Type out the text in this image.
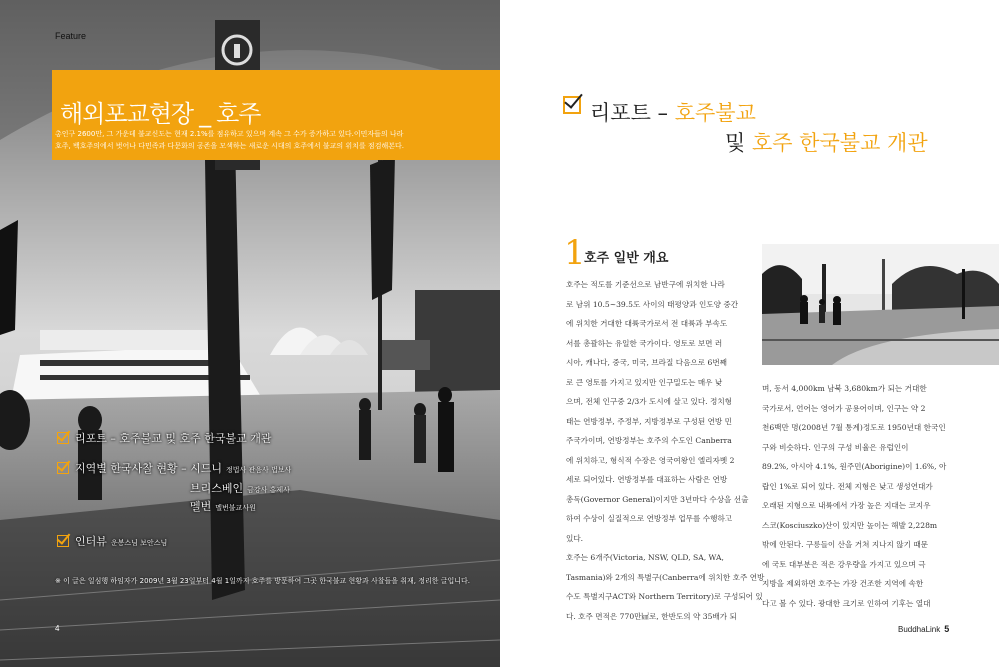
Feature
해외포교현장 _ 호주
총인구 2600만, 그 가운데 불교신도는 현재 2.1%를 점유하고 있으며 계속 그 수가 증가하고 있다.이민자들의 나라
호주, 백호주의에서 벗어나 다민족과 다문화의 공존을 모색하는 새로운 시대의 호주에서 불교의 위치를 점검해본다.
리포트 – 호주불교 및 호주 한국불교 개관
지역별 한국사찰 현황 – 시드니 정법사 관음사 법보사
브리스베인 금강사 홍제사
멜번 멜번불교사원
인터뷰 운봉스님 보안스님
※ 이 글은 일심행 하임자가 2009년 3월 23일부터 4월 1일까지 호주를 방문하여 그곳 한국불교 현황과 사찰들을 취재, 정리한 글입니다.
4
리포트 – 호주불교
및 호주 한국불교 개관
1
호주 일반 개요
호주는 적도를 기준선으로 남반구에 위치한 나라
로 남위 10.5~39.5도 사이의 태평양과 인도양 중간
에 위치한 거대한 대륙국가로서 전 대륙과 부속도
서를 총괄하는 유일한 국가이다. 영토로 보면 러
시아, 캐나다, 중국, 미국, 브라질 다음으로 6번째
로 큰 영토를 가지고 있지만 인구밀도는 매우 낮
으며, 전체 인구중 2/3가 도시에 살고 있다. 정치형
태는 연방정부, 주정부, 지방정부로 구성된 연방 민
주국가이며, 연방정부는 호주의 수도인 Canberra
에 위치하고, 형식적 수장은 영국여왕인 엘리자벳 2
세로 되어있다. 연방정부를 대표하는 사람은 연방
총독(Governor General)이지만 3년마다 수상을 선출
하여 수상이 실질적으로 연방정부 업무를 수행하고
있다.
호주는 6개주(Victoria, NSW, QLD, SA, WA,
Tasmania)와 2개의 특별구(Canberra에 위치한 호주 연방
수도 특별지구ACT와 Northern Territory)로 구성되어 있
다. 호주 면적은 770만㎢로, 한반도의 약 35배가 되
며, 동서 4,000km 남북 3,680km가 되는 거대한
국가로서, 언어는 영어가 공용어이며, 인구는 약 2
천6백만 명(2008년 7월 통계)정도로 1950년대 한국인
구와 비슷하다. 인구의 구성 비율은 유럽인이
89.2%, 아시아 4.1%, 원주민(Aborigine)이 1.6%, 아
랍인 1%로 되어 있다. 전체 지형은 낮고 생성연대가
오래된 지형으로 내륙에서 가장 높은 지대는 코지우
스코(Kosciuszko)산이 있지만 높이는 해발 2,228m
밖에 안된다. 구릉들이 산을 거쳐 지나지 않기 때문
에 국토 대부분은 적은 강우량을 가지고 있으며 극
지방을 제외하면 호주는 가장 건조한 지역에 속한
다고 볼 수 있다. 광대한 크기로 인하여 기후는 열대
BuddhaLink 5
